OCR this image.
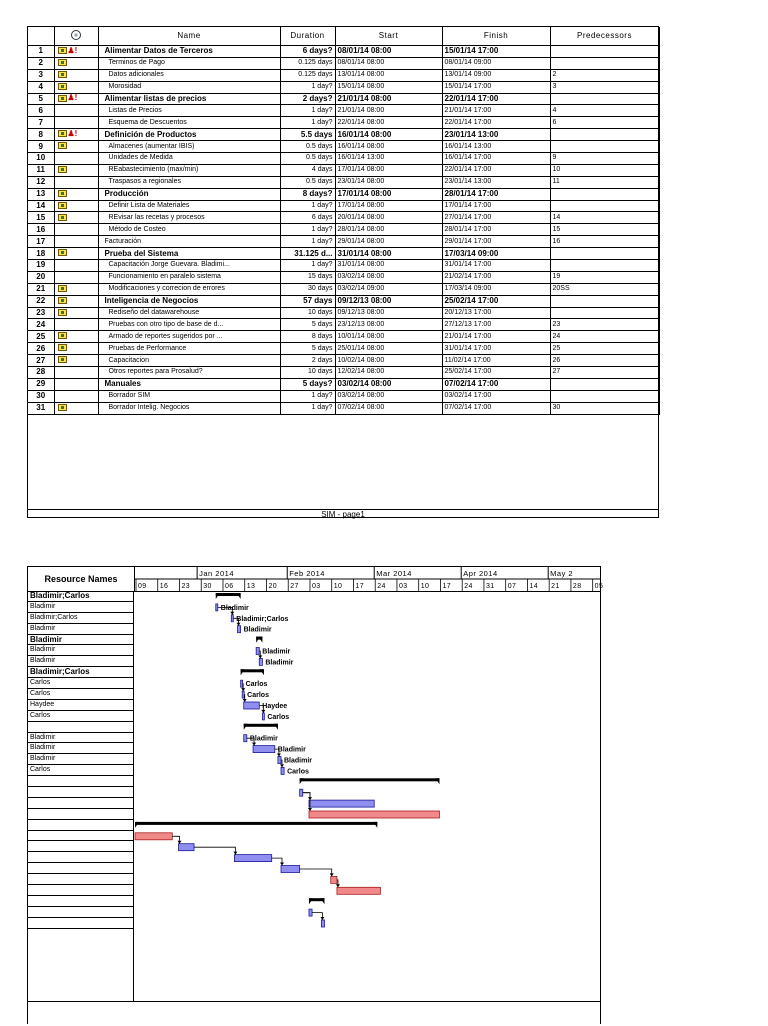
		Name	Duration	Start	Finish	Predecessors
1	♟!	Alimentar Datos de Terceros	6 days?	08/01/14 08:00	15/01/14 17:00	
2		Terminos de Pago	0.125 days	08/01/14 08:00	08/01/14 09:00	
3		Datos adicionales	0.125 days	13/01/14 08:00	13/01/14 09:00	2
4		Morosidad	1 day?	15/01/14 08:00	15/01/14 17:00	3
5	♟!	Alimentar listas de precios	2 days?	21/01/14 08:00	22/01/14 17:00	
6		Listas de Precios	1 day?	21/01/14 08:00	21/01/14 17:00	4
7		Esquema de Descuentos	1 day?	22/01/14 08:00	22/01/14 17:00	6
8	♟!	Definición de Productos	5.5 days	16/01/14 08:00	23/01/14 13:00	
9		Almacenes (aumentar IBIS)	0.5 days	16/01/14 08:00	16/01/14 13:00	
10		Unidades de Medida	0.5 days	16/01/14 13:00	16/01/14 17:00	9
11		REabastecimiento (max/min)	4 days	17/01/14 08:00	22/01/14 17:00	10
12		Traspasos a regionales	0.5 days	23/01/14 08:00	23/01/14 13:00	11
13		Producción	8 days?	17/01/14 08:00	28/01/14 17:00	
14		Definir Lista de Materiales	1 day?	17/01/14 08:00	17/01/14 17:00	
15		REvisar las recetas y procesos	6 days	20/01/14 08:00	27/01/14 17:00	14
16		Método de Costeo	1 day?	28/01/14 08:00	28/01/14 17:00	15
17		Facturación	1 day?	29/01/14 08:00	29/01/14 17:00	16
18		Prueba del Sistema	31.125 d...	31/01/14 08:00	17/03/14 09:00	
19		Capacitación Jorge Guevara. Bladimi...	1 day?	31/01/14 08:00	31/01/14 17:00	
20		Funcionamiento en paralelo sistema	15 days	03/02/14 08:00	21/02/14 17:00	19
21		Modificaciones y correcion de errores	30 days	03/02/14 09:00	17/03/14 09:00	20SS
22		Inteligencia de Negocios	57 days	09/12/13 08:00	25/02/14 17:00	
23		Rediseño del datawarehouse	10 days	09/12/13 08:00	20/12/13 17:00	
24		Pruebas con otro tipo de base de d...	5 days	23/12/13 08:00	27/12/13 17:00	23
25		Armado de reportes sugeridos por ...	8 days	10/01/14 08:00	21/01/14 17:00	24
26		Pruebas de Performance	5 days	25/01/14 08:00	31/01/14 17:00	25
27		Capacitacion	2 days	10/02/14 08:00	11/02/14 17:00	26
28		Otros reportes para Prosalud?	10 days	12/02/14 08:00	25/02/14 17:00	27
29		Manuales	5 days?	03/02/14 08:00	07/02/14 17:00	
30		Borrador SIM	1 day?	03/02/14 08:00	03/02/14 17:00	
31		Borrador Intelig. Negocios	1 day?	07/02/14 08:00	07/02/14 17:00	30
SIM - page1
Resource Names
Bladimir;Carlos
Bladimir
Bladimir;Carlos
Bladimir
Bladimir
Bladimir
Bladimir
Bladimir;Carlos
Carlos
Carlos
Haydee
Carlos
Bladimir
Bladimir
Bladimir
Carlos
Jan 2014	Feb 2014	Mar 2014	Apr 2014	May 2
09 16 23 30 06 13 20 27 03 10 17 24 03 10 17 24 31 07 14 21 28 05
Bladimir
Bladimir;Carlos
Bladimir
Bladimir
Bladimir
Carlos
Carlos
Haydee
Carlos
Bladimir
Bladimir
Bladimir
Carlos
